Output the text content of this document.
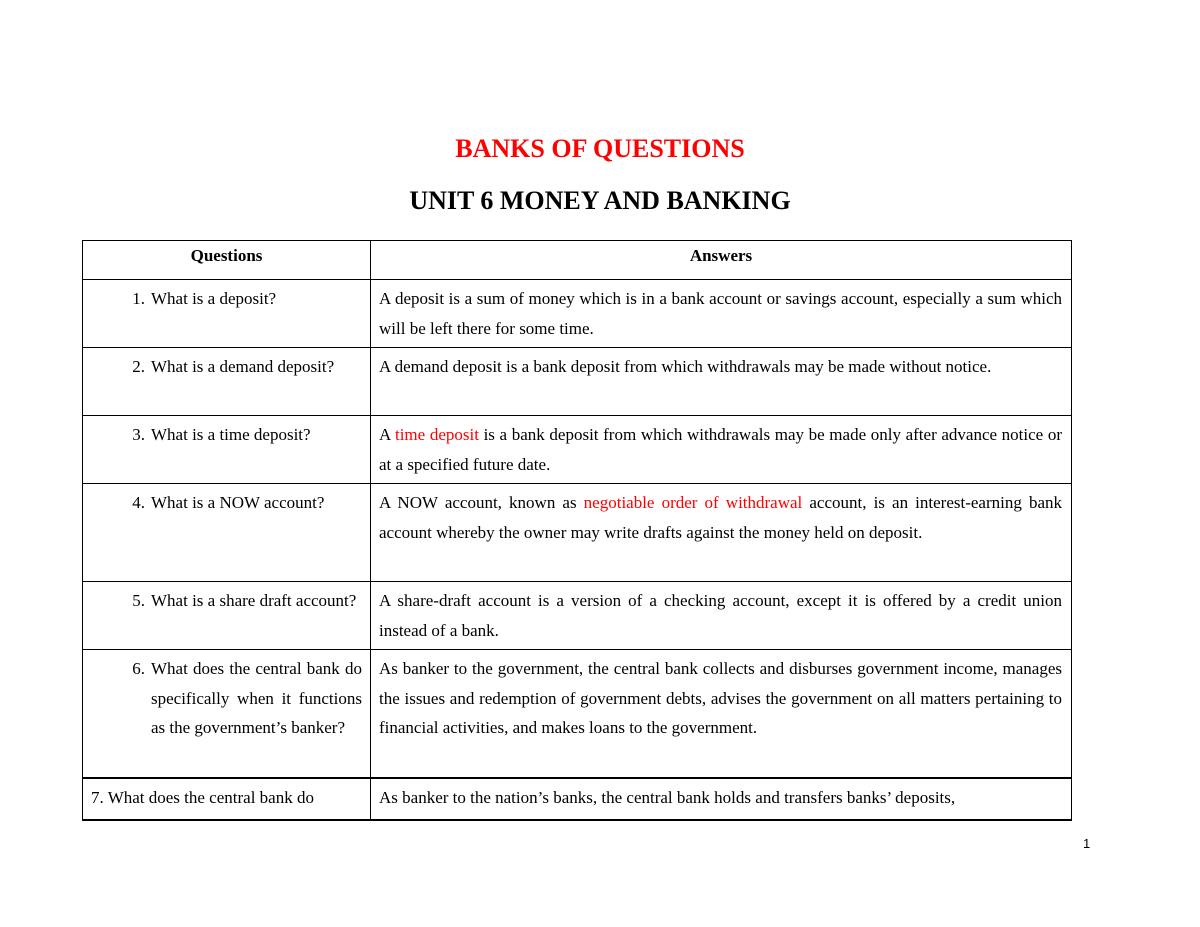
BANKS OF QUESTIONS
UNIT 6 MONEY AND BANKING
Questions	Answers

1. What is a deposit?	A deposit is a sum of money which is in a bank account or savings account, especially a sum which will be left there for some time.

2. What is a demand deposit?	A demand deposit is a bank deposit from which withdrawals may be made without notice.

3. What is a time deposit?	A time deposit is a bank deposit from which withdrawals may be made only after advance notice or at a specified future date.

4. What is a NOW account?	A NOW account, known as negotiable order of withdrawal account, is an interest-earning bank account whereby the owner may write drafts against the money held on deposit.

5. What is a share draft account?	A share-draft account is a version of a checking account, except it is offered by a credit union instead of a bank.

6. What does the central bank do specifically when it functions as the government’s banker?	As banker to the government, the central bank collects and disburses government income, manages the issues and redemption of government debts, advises the government on all matters pertaining to financial activities, and makes loans to the government.
7. What does the central bank do	As banker to the nation’s banks, the central bank holds and transfers banks’ deposits,
1
